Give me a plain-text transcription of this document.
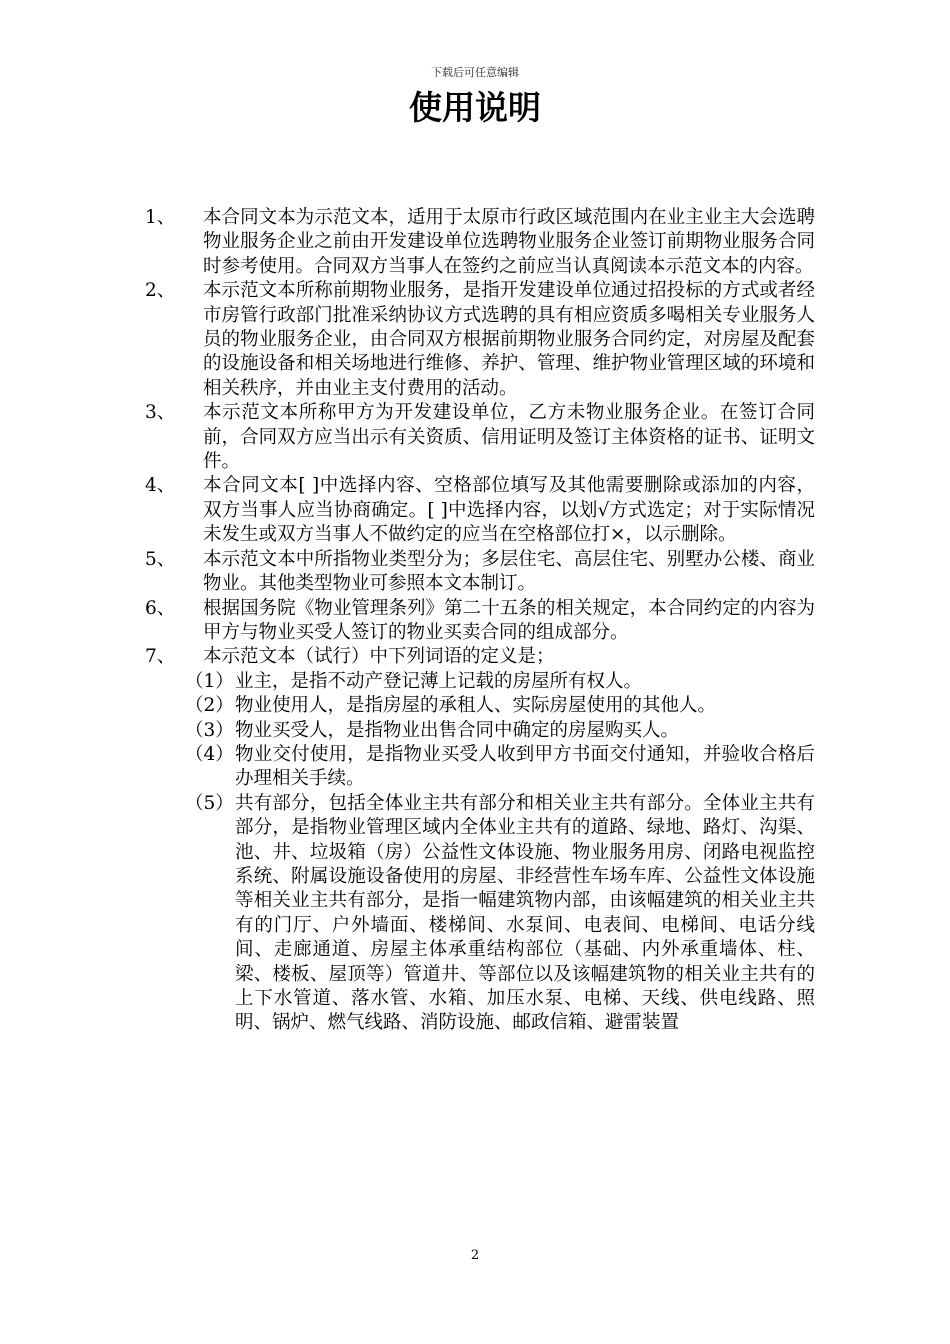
下载后可任意编辑
使用说明
1、	本合同文本为示范文本，适用于太原市行政区域范围内在业主业主大会选聘物业服务企业之前由开发建设单位选聘物业服务企业签订前期物业服务合同时参考使用。合同双方当事人在签约之前应当认真阅读本示范文本的内容。
2、	本示范文本所称前期物业服务，是指开发建设单位通过招投标的方式或者经市房管行政部门批准采纳协议方式选聘的具有相应资质多喝相关专业服务人员的物业服务企业，由合同双方根据前期物业服务合同约定，对房屋及配套的设施设备和相关场地进行维修、养护、管理、维护物业管理区域的环境和相关秩序，并由业主支付费用的活动。
3、	本示范文本所称甲方为开发建设单位，乙方未物业服务企业。在签订合同前，合同双方应当出示有关资质、信用证明及签订主体资格的证书、证明文件。
4、	本合同文本[ ]中选择内容、空格部位填写及其他需要删除或添加的内容，双方当事人应当协商确定。[ ]中选择内容，以划√方式选定；对于实际情况未发生或双方当事人不做约定的应当在空格部位打×，以示删除。
5、	本示范文本中所指物业类型分为；多层住宅、高层住宅、别墅办公楼、商业物业。其他类型物业可参照本文本制订。
6、	根据国务院《物业管理条列》第二十五条的相关规定，本合同约定的内容为甲方与物业买受人签订的物业买卖合同的组成部分。
7、	本示范文本（试行）中下列词语的定义是；
（1） 业主，是指不动产登记薄上记载的房屋所有权人。
（2） 物业使用人，是指房屋的承租人、实际房屋使用的其他人。
（3） 物业买受人，是指物业出售合同中确定的房屋购买人。
（4） 物业交付使用，是指物业买受人收到甲方书面交付通知，并验收合格后办理相关手续。
（5） 共有部分，包括全体业主共有部分和相关业主共有部分。全体业主共有部分，是指物业管理区域内全体业主共有的道路、绿地、路灯、沟渠、池、井、垃圾箱（房）公益性文体设施、物业服务用房、闭路电视监控系统、附属设施设备使用的房屋、非经营性车场车库、公益性文体设施等相关业主共有部分，是指一幅建筑物内部，由该幅建筑的相关业主共有的门厅、户外墙面、楼梯间、水泵间、电表间、电梯间、电话分线间、走廊通道、房屋主体承重结构部位（基础、内外承重墙体、柱、梁、楼板、屋顶等）管道井、等部位以及该幅建筑物的相关业主共有的上下水管道、落水管、水箱、加压水泵、电梯、天线、供电线路、照明、锅炉、燃气线路、消防设施、邮政信箱、避雷装置
2
